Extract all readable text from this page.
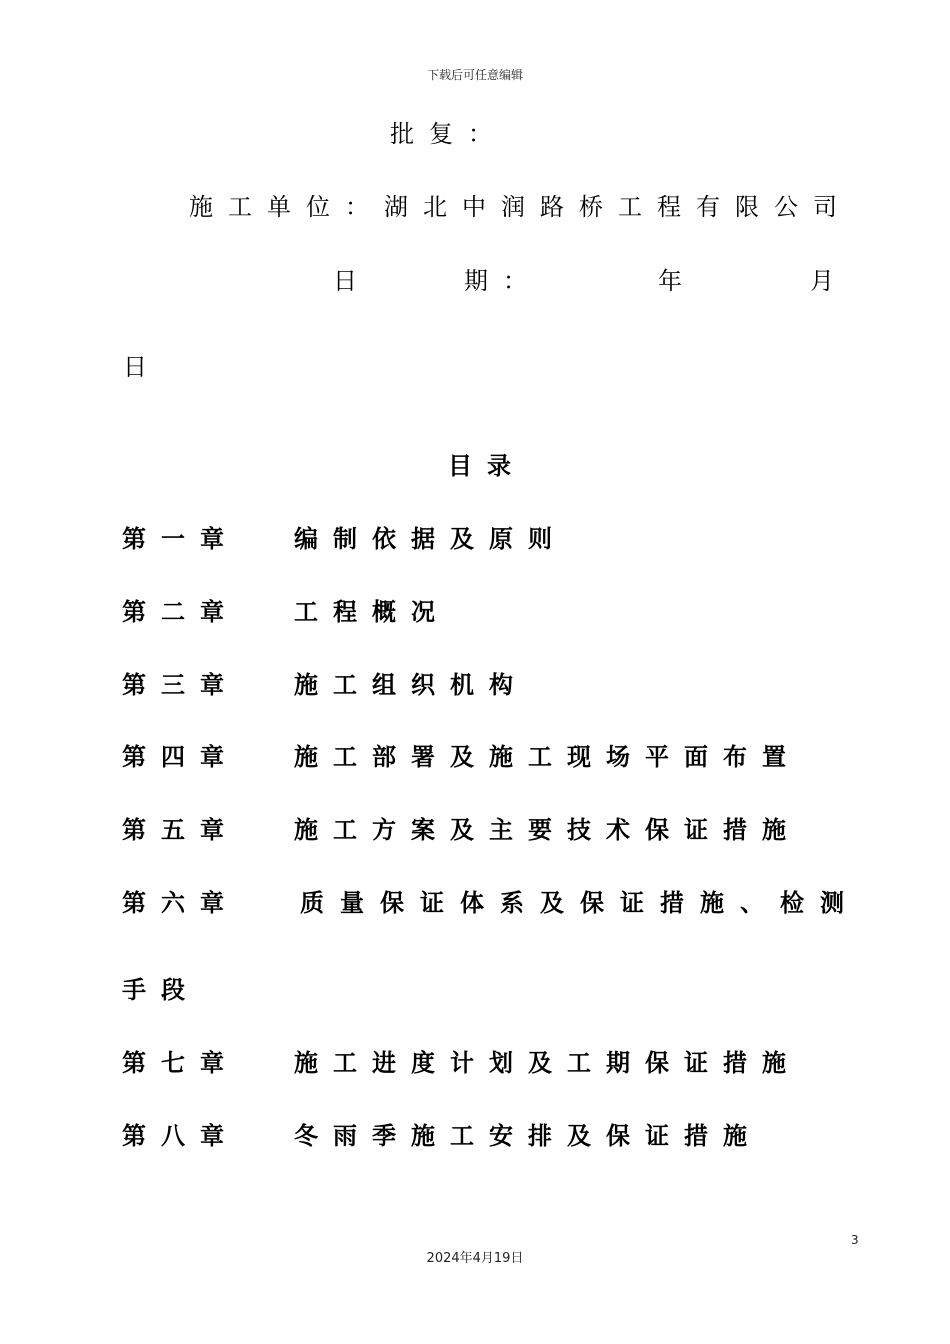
下载后可任意编辑
批复：
施工单位：湖北中润路桥工程有限公司
日	期：	年	月
日
目录
第一章 编制依据及原则
第二章 工程概况
第三章 施工组织机构
第四章 施工部署及施工现场平面布置
第五章 施工方案及主要技术保证措施
第六章	质量保证体系及保证措施、检测
手段
第七章 施工进度计划及工期保证措施
第八章 冬雨季施工安排及保证措施
3
2024年4月19日
